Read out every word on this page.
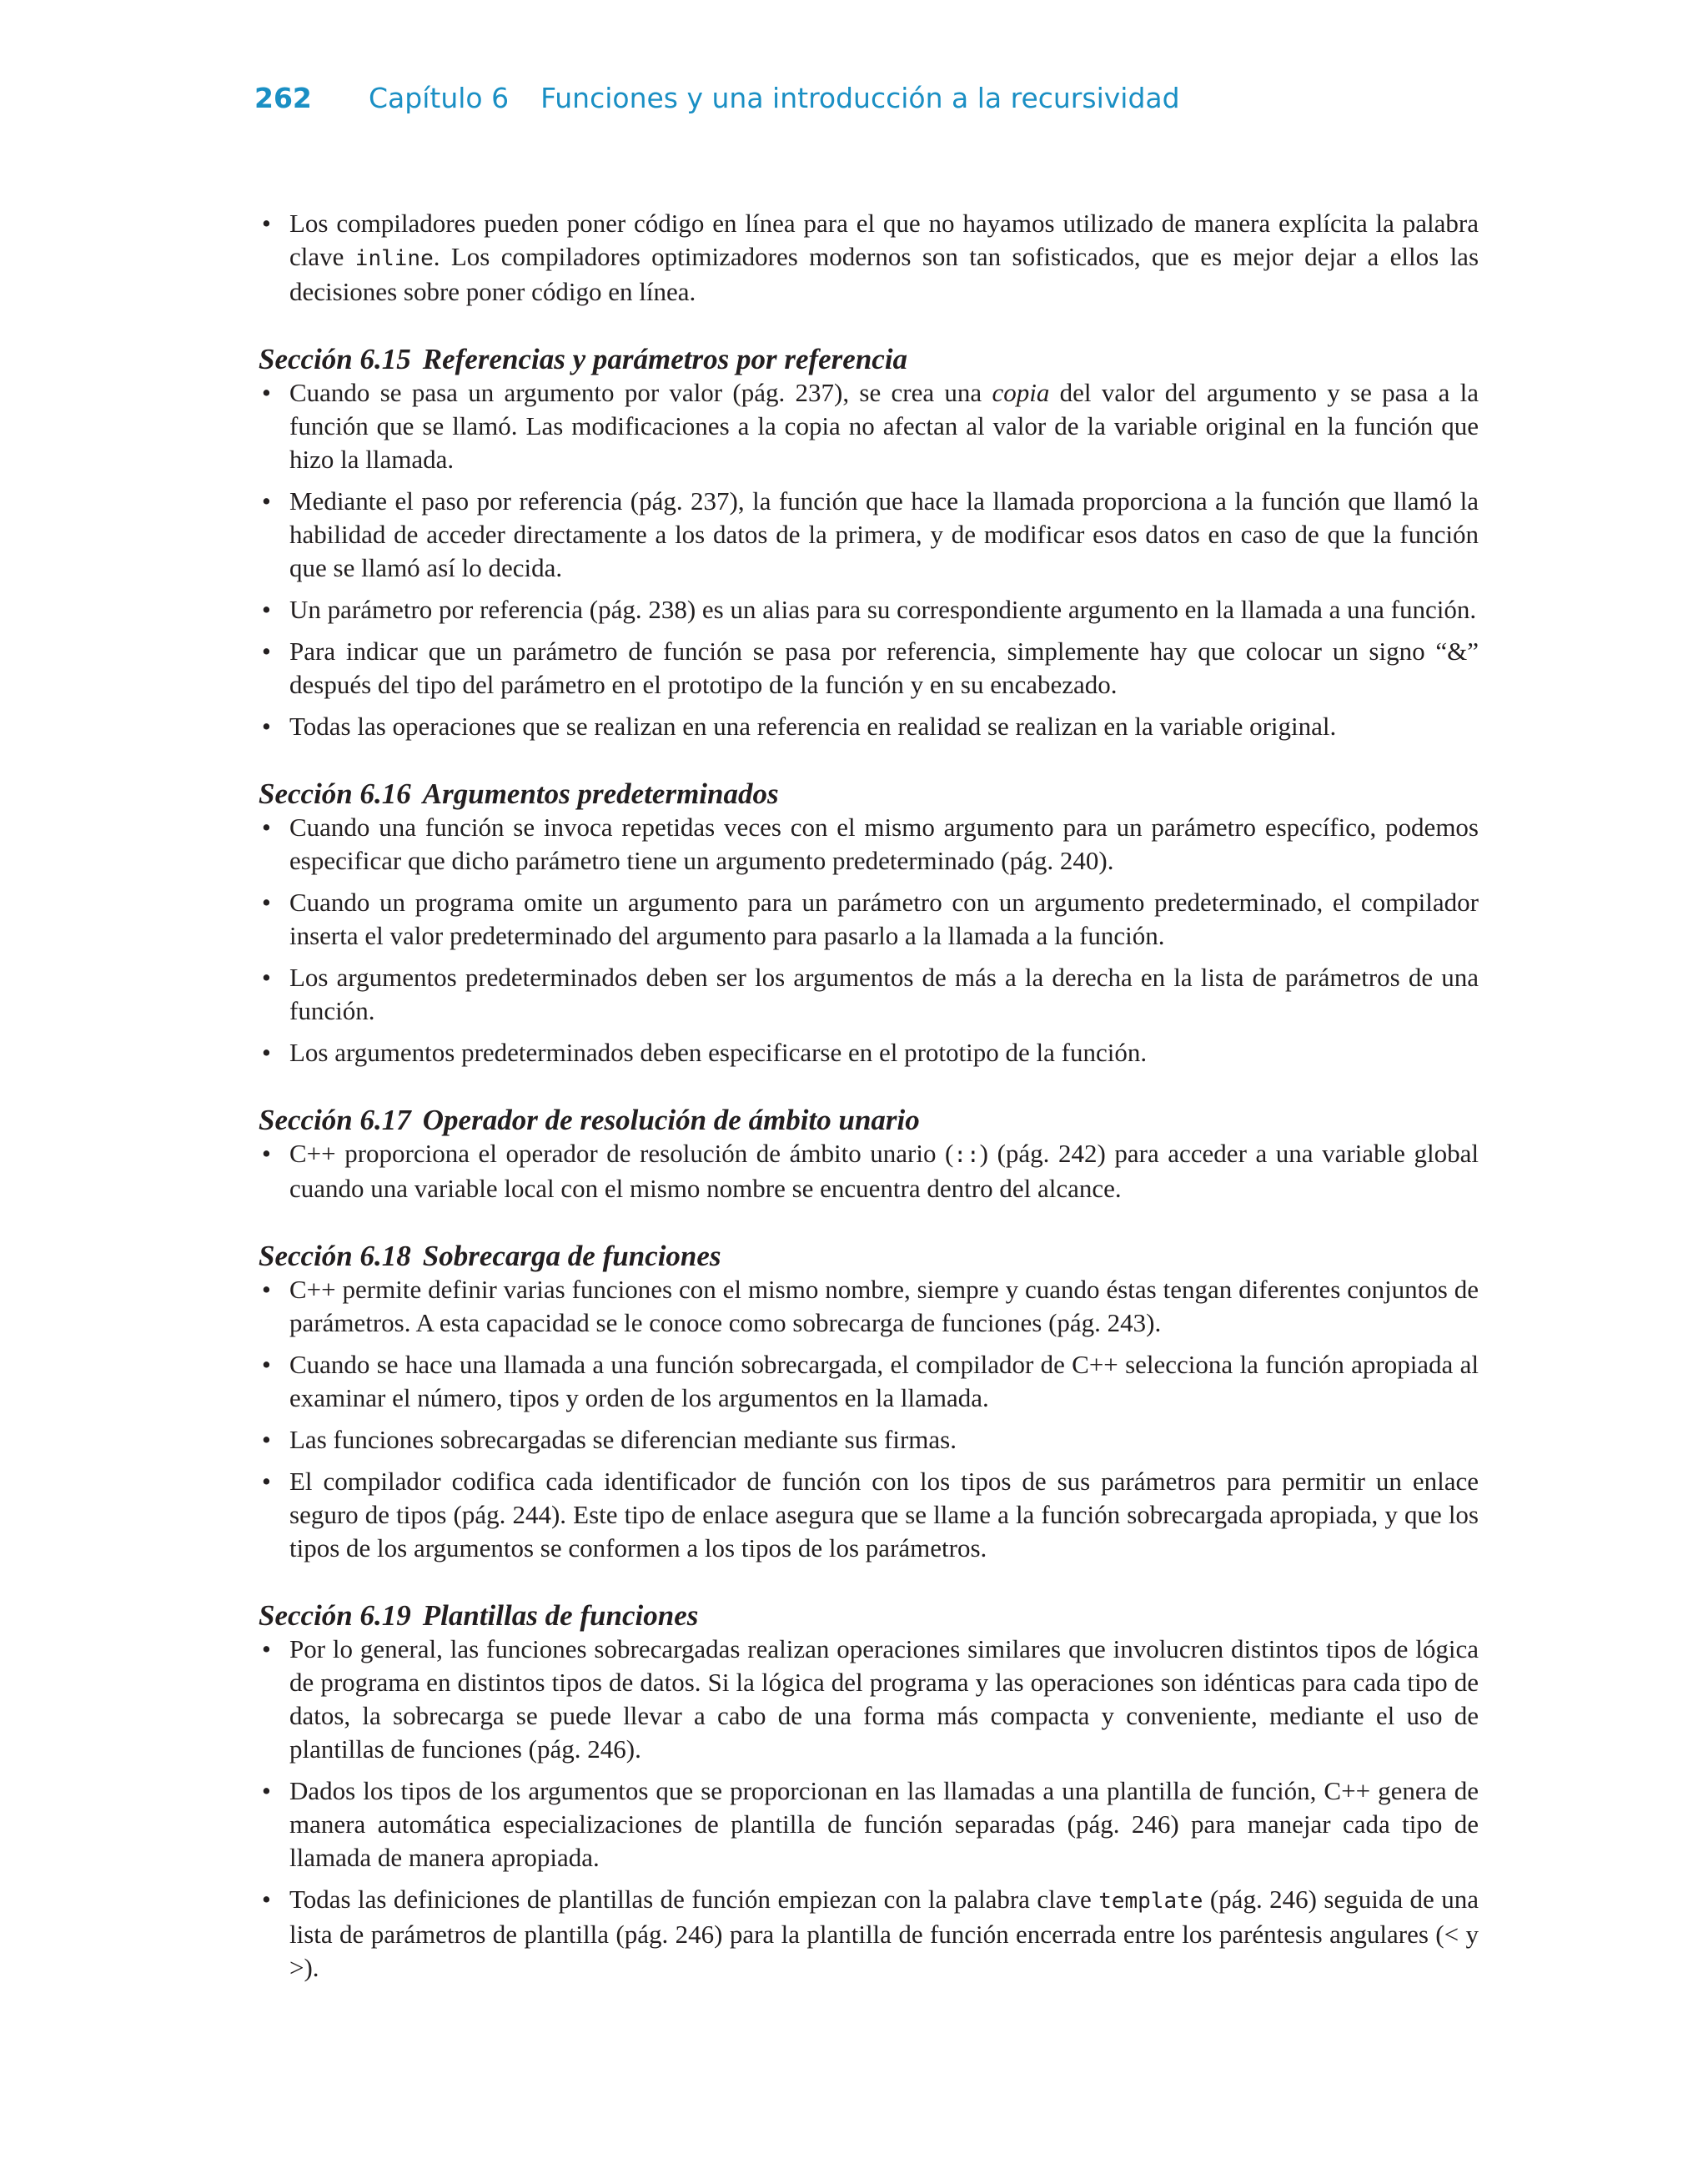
262 Capítulo 6 Funciones y una introducción a la recursividad
• Los compiladores pueden poner código en línea para el que no hayamos utilizado de manera explícita la palabra clave inline. Los compiladores optimizadores modernos son tan sofisticados, que es mejor dejar a ellos las decisiones sobre poner código en línea.
Sección 6.15 Referencias y parámetros por referencia
• Cuando se pasa un argumento por valor (pág. 237), se crea una copia del valor del argumento y se pasa a la función que se llamó. Las modificaciones a la copia no afectan al valor de la variable original en la función que hizo la llamada.
• Mediante el paso por referencia (pág. 237), la función que hace la llamada proporciona a la función que llamó la habilidad de acceder directamente a los datos de la primera, y de modificar esos datos en caso de que la función que se llamó así lo decida.
• Un parámetro por referencia (pág. 238) es un alias para su correspondiente argumento en la llamada a una función.
• Para indicar que un parámetro de función se pasa por referencia, simplemente hay que colocar un signo “&” después del tipo del parámetro en el prototipo de la función y en su encabezado.
• Todas las operaciones que se realizan en una referencia en realidad se realizan en la variable original.
Sección 6.16 Argumentos predeterminados
• Cuando una función se invoca repetidas veces con el mismo argumento para un parámetro específico, podemos especificar que dicho parámetro tiene un argumento predeterminado (pág. 240).
• Cuando un programa omite un argumento para un parámetro con un argumento predeterminado, el compilador inserta el valor predeterminado del argumento para pasarlo a la llamada a la función.
• Los argumentos predeterminados deben ser los argumentos de más a la derecha en la lista de parámetros de una función.
• Los argumentos predeterminados deben especificarse en el prototipo de la función.
Sección 6.17 Operador de resolución de ámbito unario
• C++ proporciona el operador de resolución de ámbito unario (::) (pág. 242) para acceder a una variable global cuando una variable local con el mismo nombre se encuentra dentro del alcance.
Sección 6.18 Sobrecarga de funciones
• C++ permite definir varias funciones con el mismo nombre, siempre y cuando éstas tengan diferentes conjuntos de parámetros. A esta capacidad se le conoce como sobrecarga de funciones (pág. 243).
• Cuando se hace una llamada a una función sobrecargada, el compilador de C++ selecciona la función apropiada al examinar el número, tipos y orden de los argumentos en la llamada.
• Las funciones sobrecargadas se diferencian mediante sus firmas.
• El compilador codifica cada identificador de función con los tipos de sus parámetros para permitir un enlace seguro de tipos (pág. 244). Este tipo de enlace asegura que se llame a la función sobrecargada apropiada, y que los tipos de los argumentos se conformen a los tipos de los parámetros.
Sección 6.19 Plantillas de funciones
• Por lo general, las funciones sobrecargadas realizan operaciones similares que involucren distintos tipos de lógica de programa en distintos tipos de datos. Si la lógica del programa y las operaciones son idénticas para cada tipo de datos, la sobrecarga se puede llevar a cabo de una forma más compacta y conveniente, mediante el uso de plantillas de funciones (pág. 246).
• Dados los tipos de los argumentos que se proporcionan en las llamadas a una plantilla de función, C++ genera de manera automática especializaciones de plantilla de función separadas (pág. 246) para manejar cada tipo de llamada de manera apropiada.
• Todas las definiciones de plantillas de función empiezan con la palabra clave template (pág. 246) seguida de una lista de parámetros de plantilla (pág. 246) para la plantilla de función encerrada entre los paréntesis angulares (< y >).
